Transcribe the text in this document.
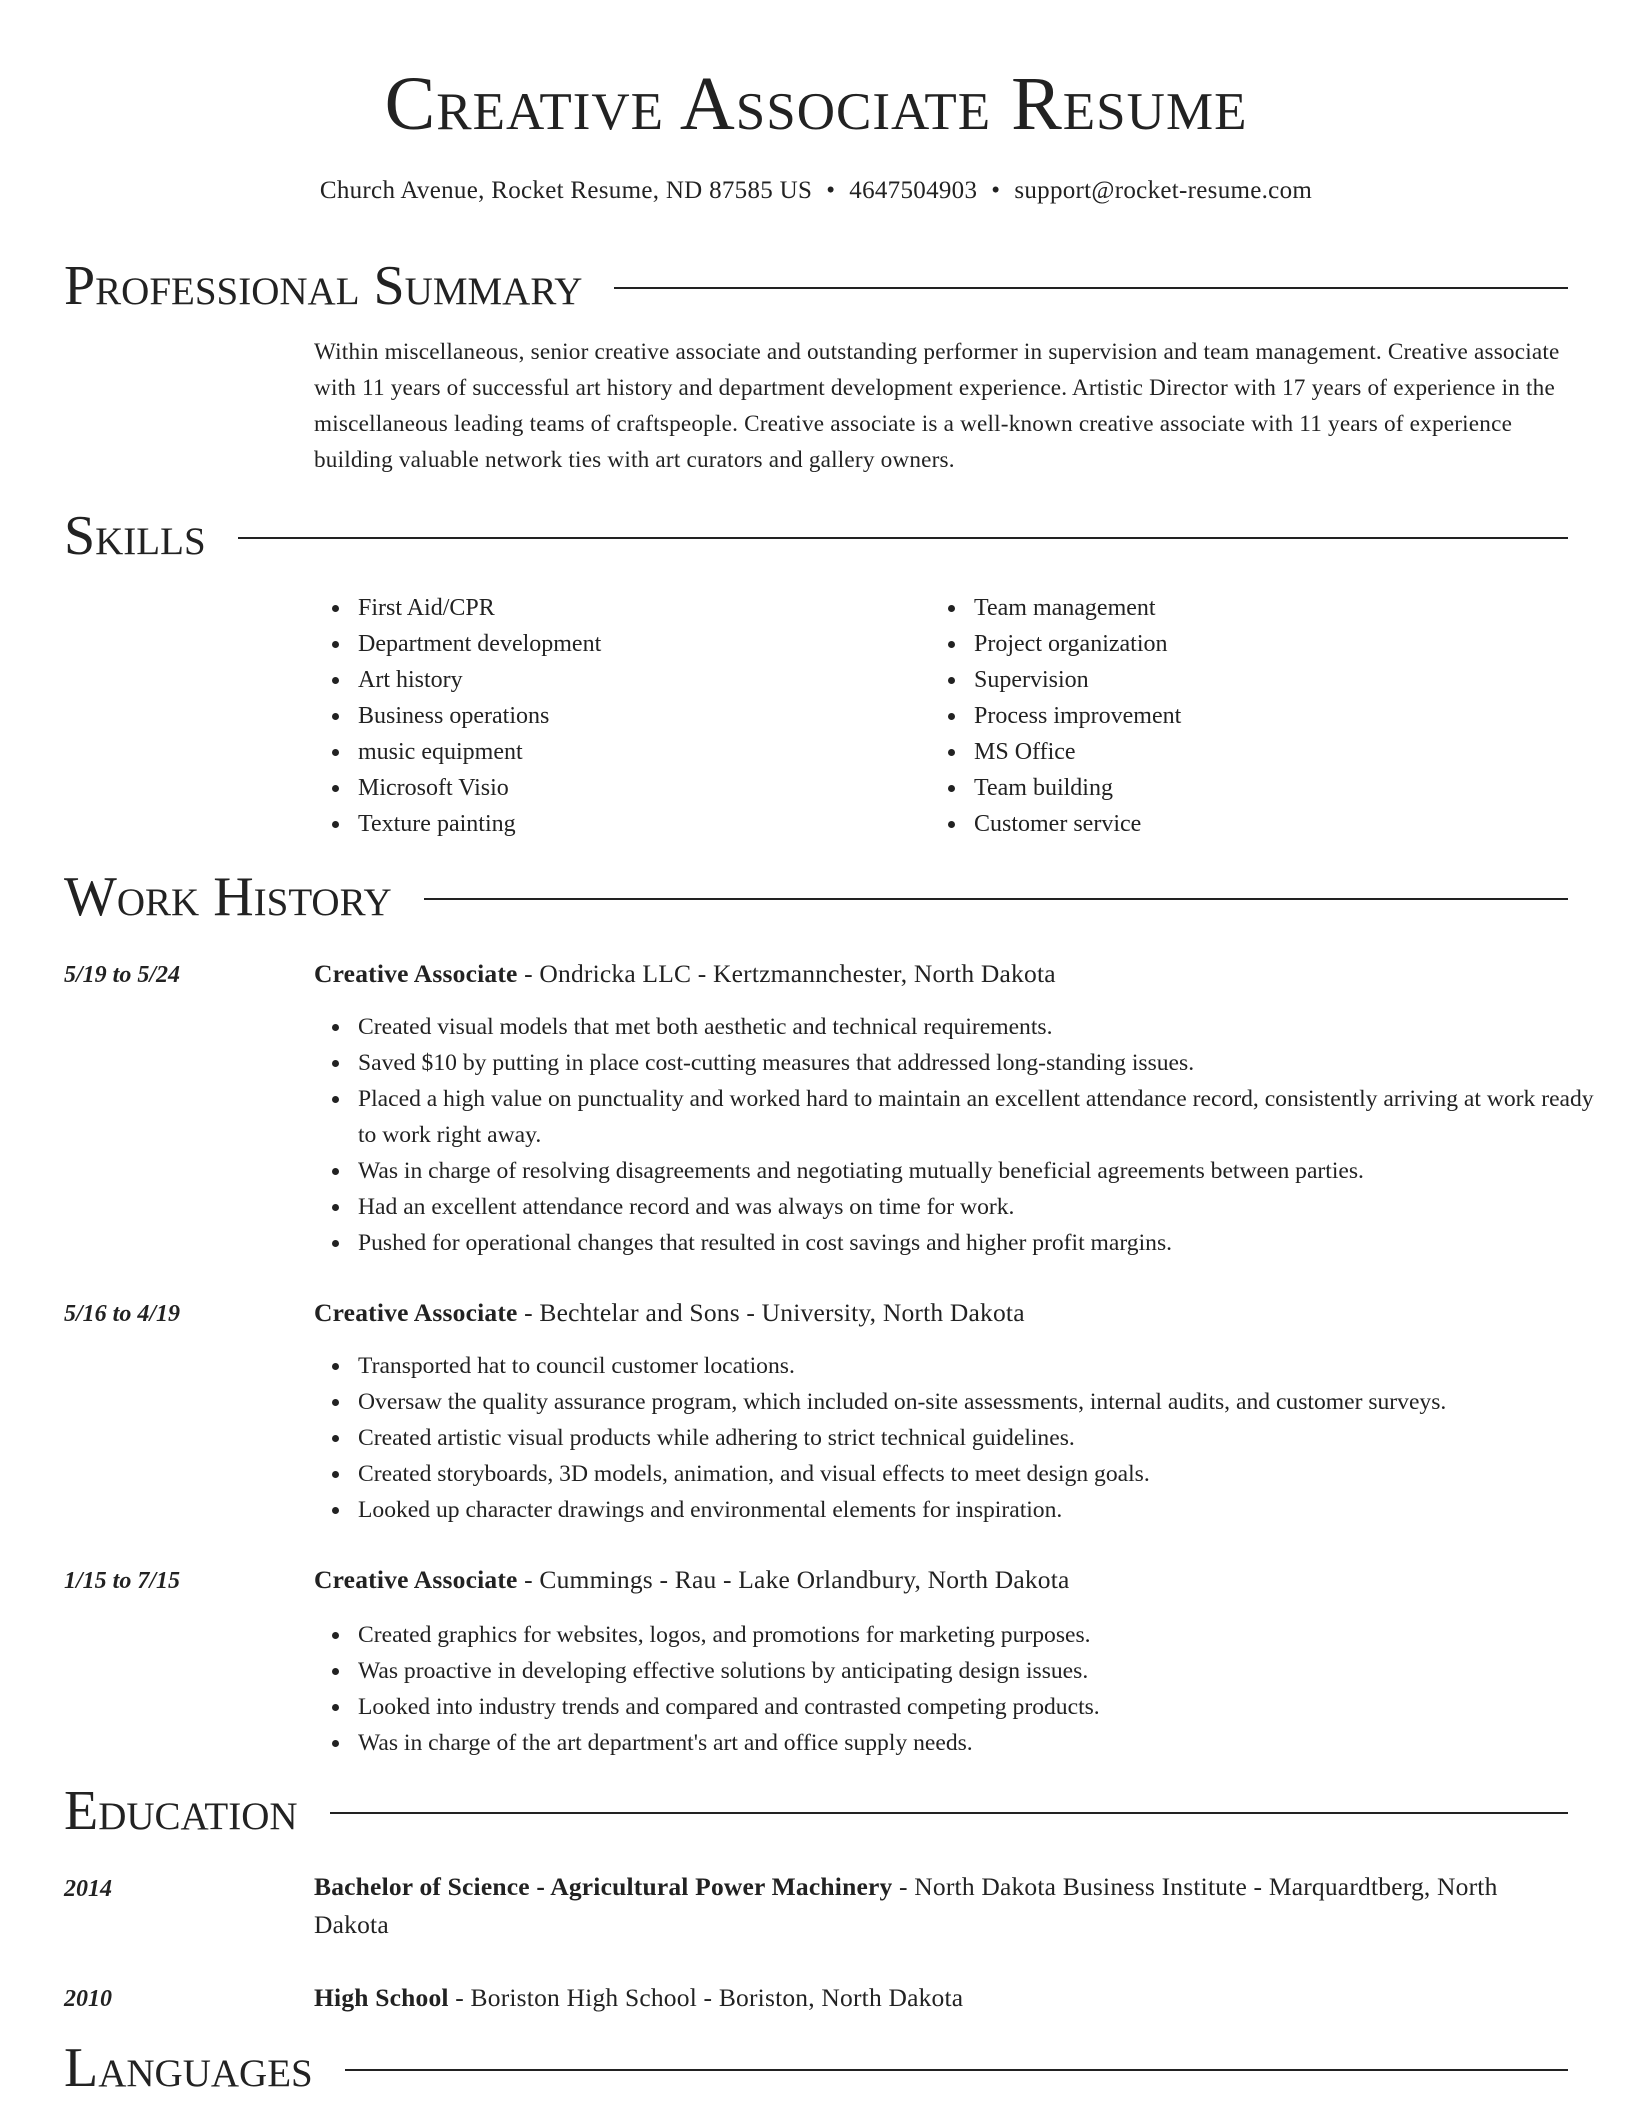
Creative Associate Resume
Church Avenue, Rocket Resume, ND 87585 US • 4647504903 • support@rocket-resume.com
Professional Summary

Within miscellaneous, senior creative associate and outstanding performer in supervision and team management. Creative associate with 11 years of successful art history and department development experience. Artistic Director with 17 years of experience in the miscellaneous leading teams of craftspeople. Creative associate is a well-known creative associate with 11 years of experience building valuable network ties with art curators and gallery owners.

Skills
First Aid/CPR
Department development
Art history
Business operations
music equipment
Microsoft Visio
Texture painting
Team management
Project organization
Supervision
Process improvement
MS Office
Team building
Customer service
Work History
5/19 to 5/24	Creative Associate - Ondricka LLC - Kertzmannchester, North Dakota
Created visual models that met both aesthetic and technical requirements.
Saved $10 by putting in place cost-cutting measures that addressed long-standing issues.
Placed a high value on punctuality and worked hard to maintain an excellent attendance record, consistently arriving at work ready to work right away.
Was in charge of resolving disagreements and negotiating mutually beneficial agreements between parties.
Had an excellent attendance record and was always on time for work.
Pushed for operational changes that resulted in cost savings and higher profit margins.
5/16 to 4/19	Creative Associate - Bechtelar and Sons - University, North Dakota
Transported hat to council customer locations.
Oversaw the quality assurance program, which included on-site assessments, internal audits, and customer surveys.
Created artistic visual products while adhering to strict technical guidelines.
Created storyboards, 3D models, animation, and visual effects to meet design goals.
Looked up character drawings and environmental elements for inspiration.
1/15 to 7/15	Creative Associate - Cummings - Rau - Lake Orlandbury, North Dakota
Created graphics for websites, logos, and promotions for marketing purposes.
Was proactive in developing effective solutions by anticipating design issues.
Looked into industry trends and compared and contrasted competing products.
Was in charge of the art department's art and office supply needs.
Education
2014	Bachelor of Science - Agricultural Power Machinery - North Dakota Business Institute - Marquardtberg, North Dakota
2010	High School - Boriston High School - Boriston, North Dakota
Languages
